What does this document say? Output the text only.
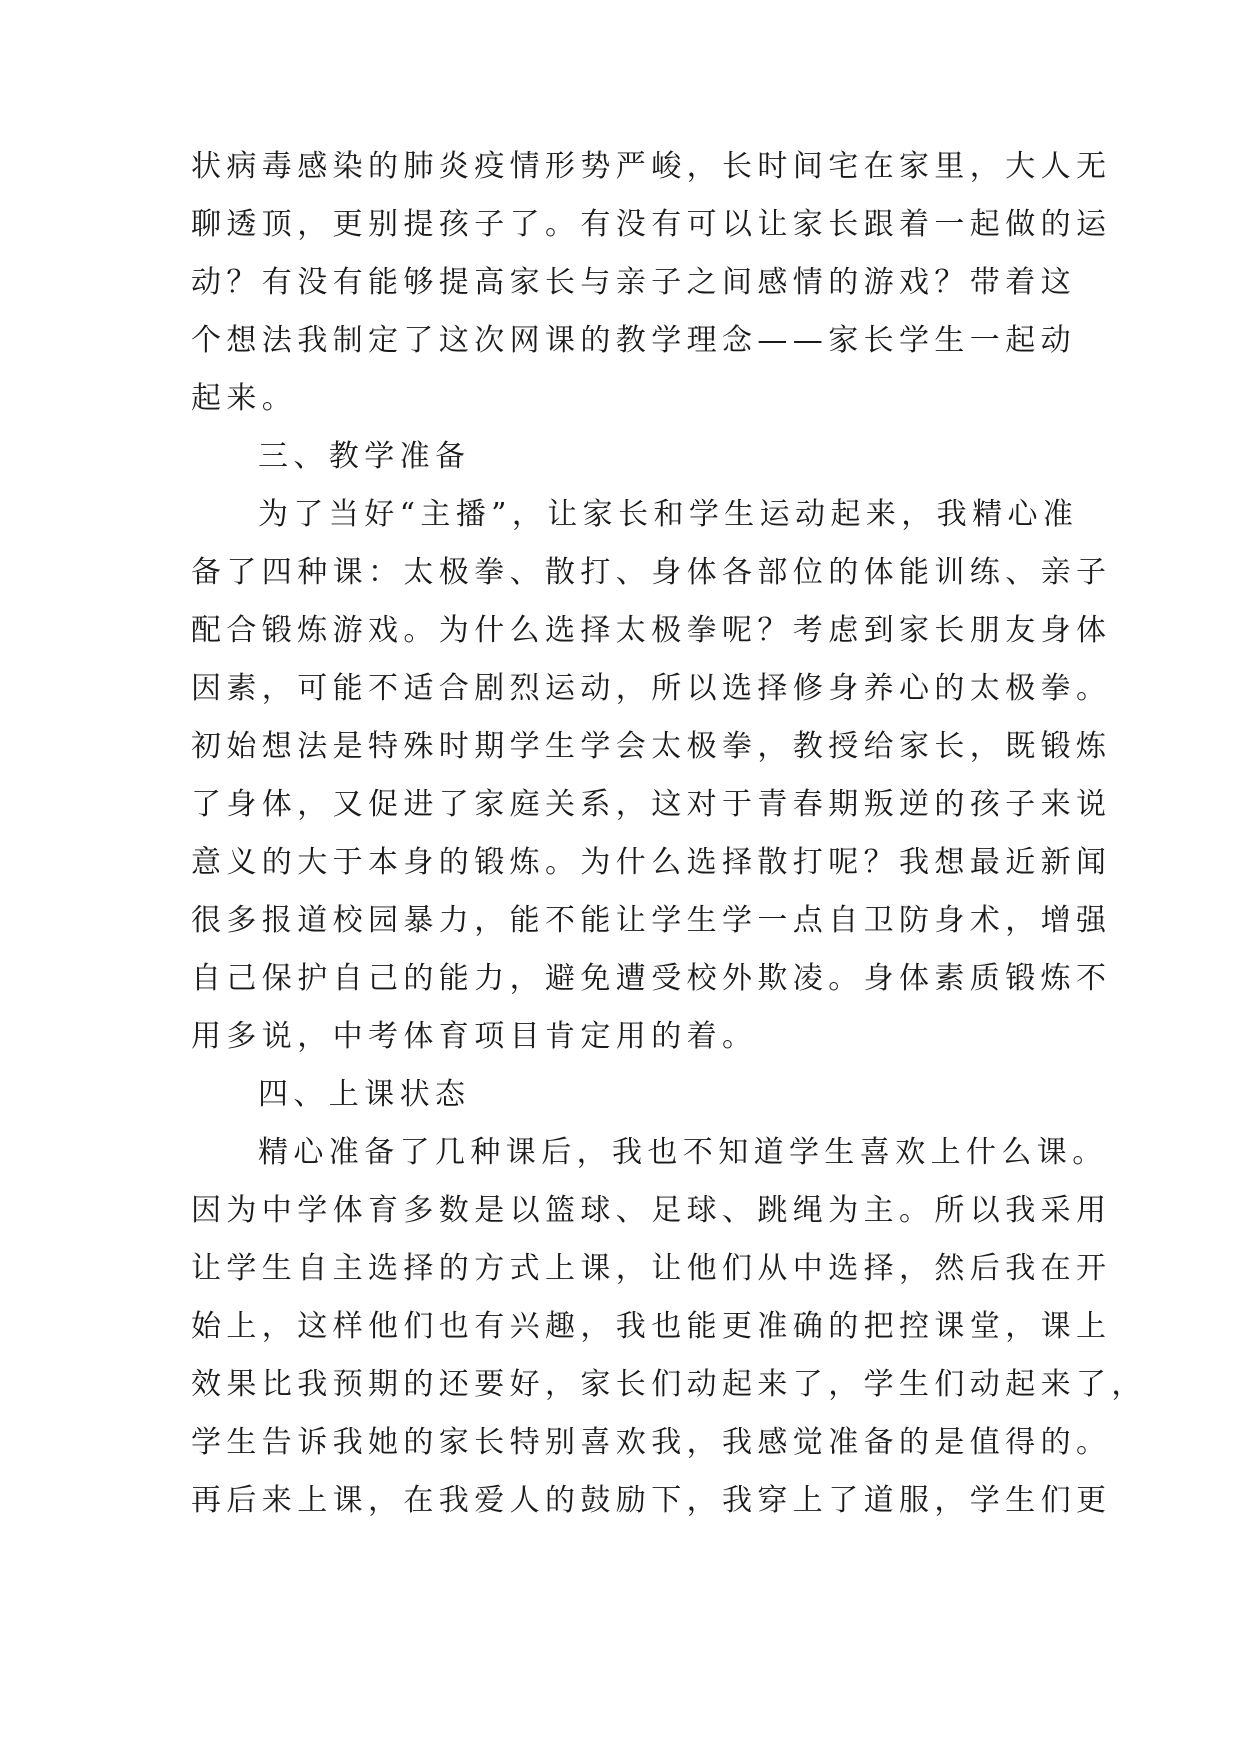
状病毒感染的肺炎疫情形势严峻，长时间宅在家里，大人无
聊透顶，更别提孩子了。有没有可以让家长跟着一起做的运
动？有没有能够提高家长与亲子之间感情的游戏？带着这
个想法我制定了这次网课的教学理念——家长学生一起动
起来。
三、教学准备
为了当好“主播”，让家长和学生运动起来，我精心准
备了四种课：太极拳、散打、身体各部位的体能训练、亲子
配合锻炼游戏。为什么选择太极拳呢？考虑到家长朋友身体
因素，可能不适合剧烈运动，所以选择修身养心的太极拳。
初始想法是特殊时期学生学会太极拳，教授给家长，既锻炼
了身体，又促进了家庭关系，这对于青春期叛逆的孩子来说
意义的大于本身的锻炼。为什么选择散打呢？我想最近新闻
很多报道校园暴力，能不能让学生学一点自卫防身术，增强
自己保护自己的能力，避免遭受校外欺凌。身体素质锻炼不
用多说，中考体育项目肯定用的着。
四、上课状态
精心准备了几种课后，我也不知道学生喜欢上什么课。
因为中学体育多数是以篮球、足球、跳绳为主。所以我采用
让学生自主选择的方式上课，让他们从中选择，然后我在开
始上，这样他们也有兴趣，我也能更准确的把控课堂，课上
效果比我预期的还要好，家长们动起来了，学生们动起来了，
学生告诉我她的家长特别喜欢我，我感觉准备的是值得的。
再后来上课，在我爱人的鼓励下，我穿上了道服，学生们更
